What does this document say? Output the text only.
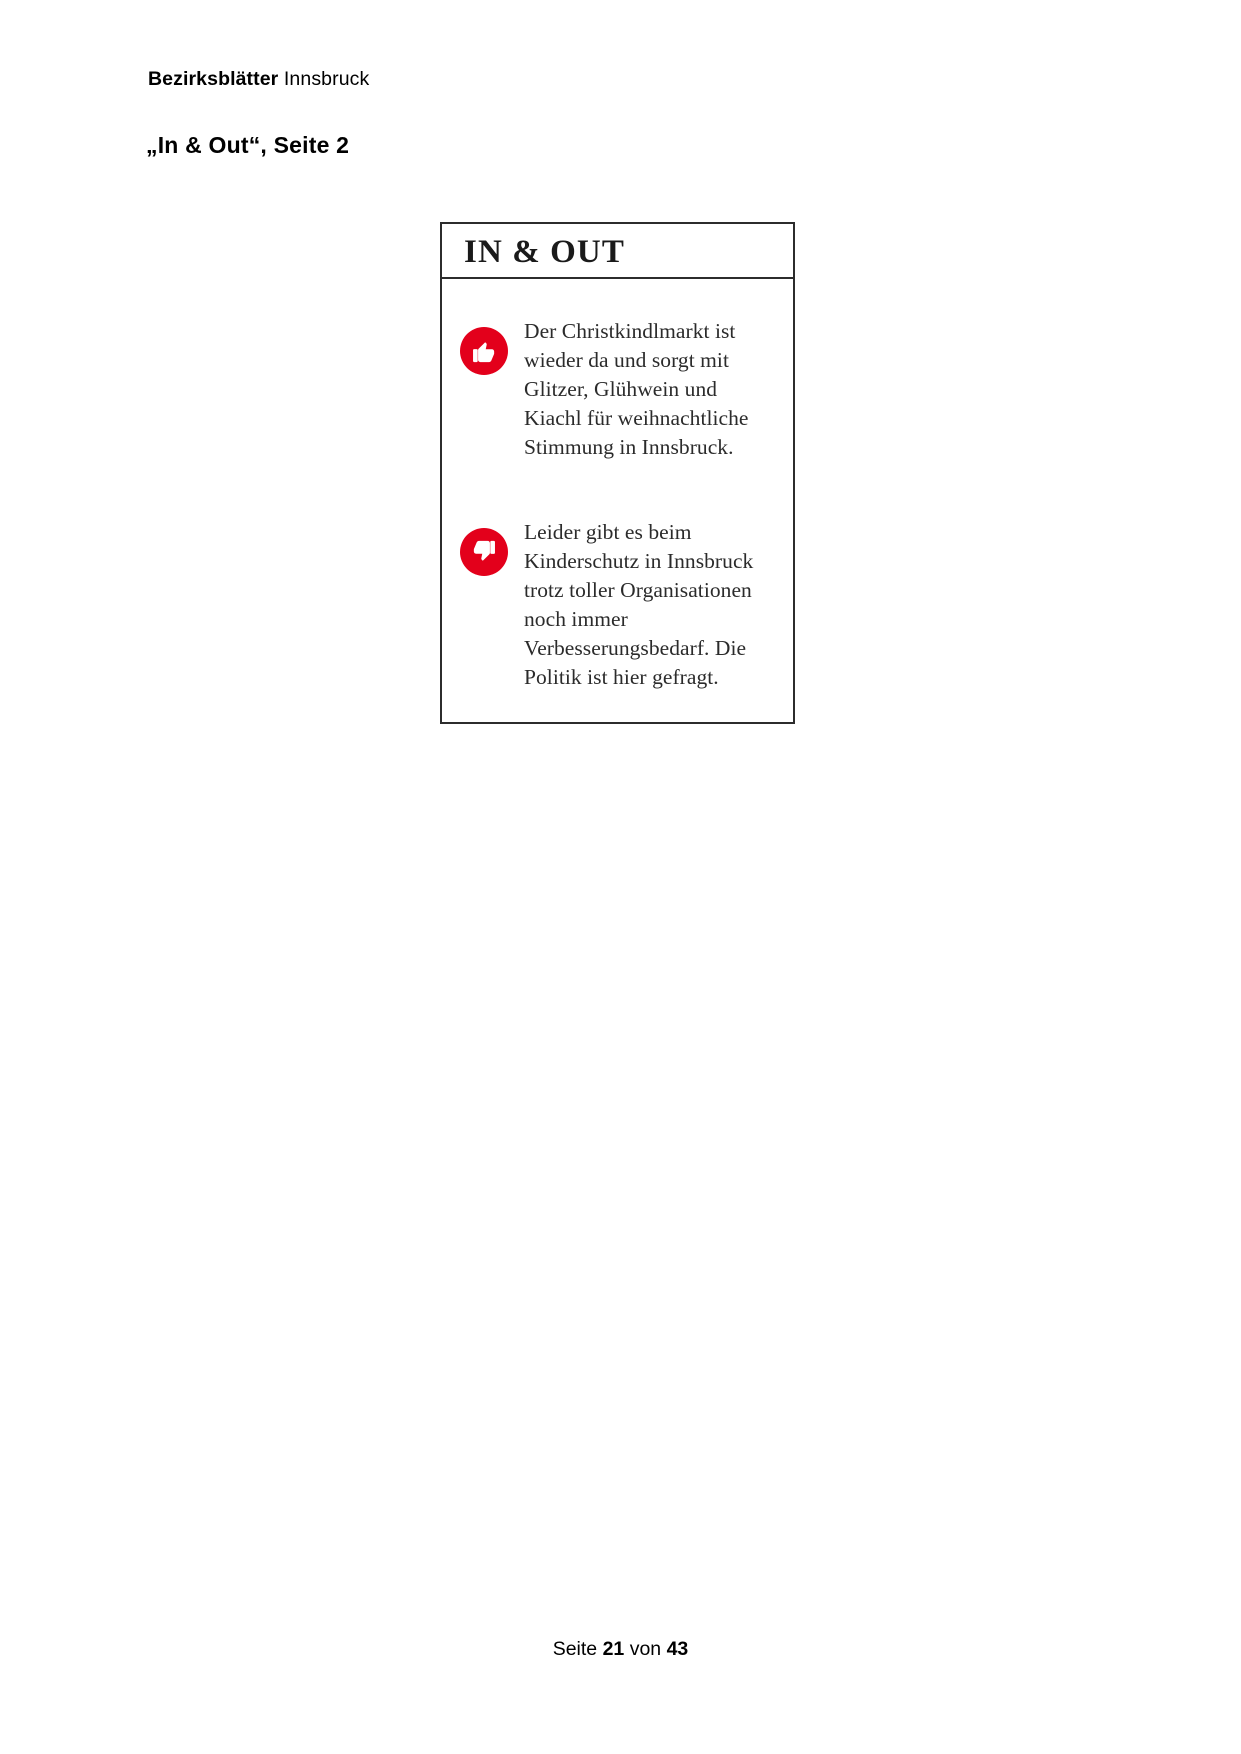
Bezirksblätter Innsbruck
„In & Out“, Seite 2
IN & OUT
Der Christkindlmarkt ist wieder da und sorgt mit Glitzer, Glühwein und Kiachl für weihnachtliche Stimmung in Innsbruck.
Leider gibt es beim Kinderschutz in Innsbruck trotz toller Organisationen noch immer Verbesserungsbedarf. Die Politik ist hier gefragt.
Seite 21 von 43
